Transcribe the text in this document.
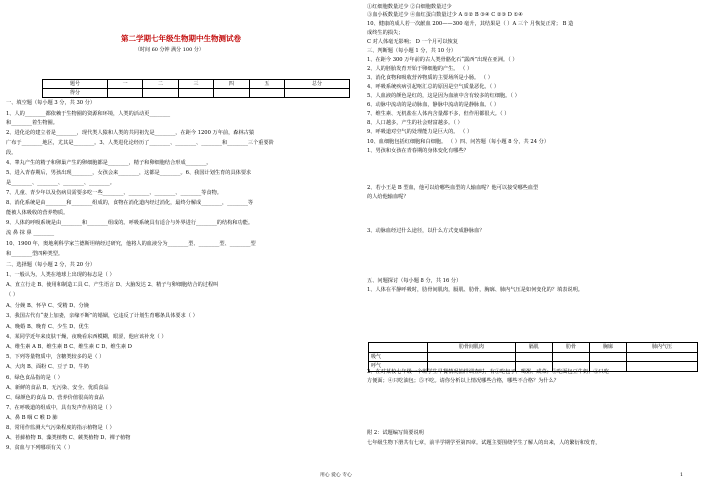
第二学期七年级生物期中生物测试卷
（时间 60 分钟 满分 100 分）
题号	一	二	三	四	五	总分
得分						
一、填空题（每小题 3 分，共 30 分）
1、人的________都依赖于生物圈的资源和环境，人类的活动更________
和________着生物圈。
2、进化论的建立者是________，现代类人猿和人类的共同祖先是________，在距今 1200 万年前，森林古猿
广布于________地区，尤其是________。3、人类进化论经历了________、________、________和________三个重要阶
段。
4、睾丸产生的精子和卵巢产生的卵细胞都是________，精子和卵细胞结合形成________。
5、进入青春期后，男孩出现________，女孩会来________，这都是________。6、我国计划生育的具体要求
是________、________、________、________。
7、儿童、青少年以及伤病员需要多吃一些________、________、________、________等食物。
8、消化系统是由________和________组成的，食物在消化道内经过消化，最终分解成________，________等
能被人体吸收的营养物质。
9、人体的呼吸系统是由________和________组成的。呼吸系统具有适合与外界进行________的结构和功能。
流 鼻 抹 鼻 ________
10、1900 年，奥地利科学家兰德斯坦纳经过研究，他将人的血液分为________型、________型、________型
和________型四种类型。
二、选择题（每小题 2 分，共 20 分）
1、一般认为，人类在地球上出现的标志是（ ）
A、直立行走 B、使用和制造工具 C、产生语言 D、大脑发达 2、精子与卵细胞结合的过程叫
（ ）
A、分娩 B、怀孕 C、受精 D、分娩
3、我国古代有“妻上加妻，亲缘不断”的婚姻，它违反了计划生育哪条具体要求（ ）
A、晚婚 B、晚育 C、少生 D、优生
4、某同学近年来皮肤干燥，夜晚看东西模糊，眼涩，他应该补充（ ）
A、维生素 A B、维生素 B C、维生素 C D、维生素 D
5、下列等量物质中，含糖类较多的是（ ）
A、大肉 B、面粉 C、豆子 D、牛奶
6、绿色食品指的是（ ）
A、新鲜的食品 B、无污染、安全、优质食品
C、绿颜色的食品 D、营养价值很高的食品
7、在呼吸道的组成中，具有发声作用的是（ ）
A、鼻 B 咽 C 喉 D 肺
8、常用作监测大气污染程度的指示植物是（ ）
A、苔藓植物 B、藻类植物 C、蕨类植物 D、裸子植物
9、贫血与下列哪项有关（ ）
用心 爱心 专心
①红细胞数量过少 ②白细胞数量过少
③血小板数量过少 ④血红蛋白数量过少 A ①② B ③④ C ②③ D ①④
10、健康的成人若一次献血 200——300 毫升，其结果是（ ）A 三个 月恢复正常； B 造
成终生的损失；
C 对人体毫无影响； D 一个月可以恢复
三、判断题（每小题 1 分，共 10 分）
1、在距今 300 万年前的古人类骨骼化石“露西”出现在亚洲。（ ）
2、人的胚胎发育开始于卵细胞的产生。 （ ）
3、消化食物和吸收营养物质的主要场所是小肠。 （ ）
4、呼吸系统疾病引起呕汇总的原因是空气质量恶化。（ ）
5、人血液的颜色是红的，这是因为血液中含有较多的红细胞。（ ）
6、动脉中流动的是动脉血，静脉中流动的是静脉血。（ ）
7、维生素、无机盐在人体内含量都不多，但作用都很大。（ ）
8、人口越多，产生的社会财富越多。（ ）
9、呼吸道对空气的处理能力是巨大的。 （ ）
10、血细胞包括红细胞和白细胞。 （ ）四、问答题（每小题 8 分，共 24 分）
1、男孩和女孩在青春期的身体变化有哪些？
2、若小王是 B 型血，他可以给哪些血型的人输血呢？他可以接受哪些血型
的人给他输血呢？
3、动脉血经过什么途径，以什么方式变成静脉血？
五、问题探讨（每小题 8 分，共 16 分）
1、人体在平静呼吸时，肋骨间肌肉，膈肌、肋骨，胸廓、肺内气压是如何变化的？填表说明。
	肋骨间肌肉	膈肌	肋骨	胸廓	肺内气压
吸气					
呼气					
2、在对某校七年级一个班学生早餐情况抽样调查时，有①吃包子、喝粥、咸菜；②吃面包豆牛奶；③只吃
方便面；④只吃油包；⑤不吃。请你分析以上情况哪些合格，哪些不合格？为什么？
附 2：试题编写简要说明
七年级生物下册共有七章，前半学期学至第四章。试题主要围绕学生了解人的出来，人的繁衍和发育，
1
